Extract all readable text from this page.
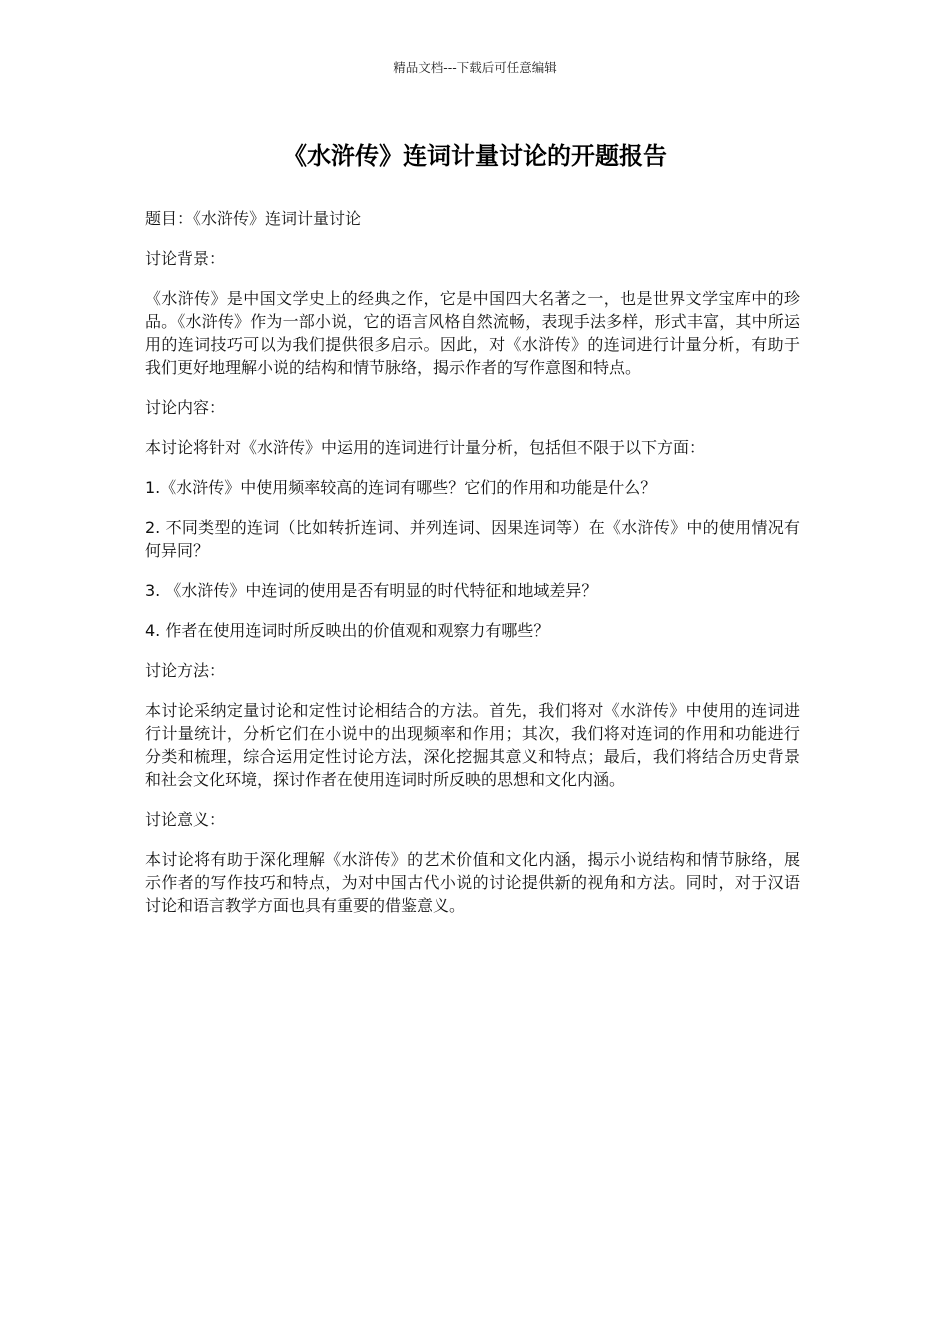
精品文档---下载后可任意编辑
《水浒传》连词计量讨论的开题报告

题目：《水浒传》连词计量讨论

讨论背景：

《水浒传》是中国文学史上的经典之作，它是中国四大名著之一，也是世界文学宝库中的珍品。《水浒传》作为一部小说，它的语言风格自然流畅，表现手法多样，形式丰富，其中所运用的连词技巧可以为我们提供很多启示。因此，对《水浒传》的连词进行计量分析，有助于我们更好地理解小说的结构和情节脉络，揭示作者的写作意图和特点。

讨论内容：

本讨论将针对《水浒传》中运用的连词进行计量分析，包括但不限于以下方面：

1.《水浒传》中使用频率较高的连词有哪些？它们的作用和功能是什么？

2. 不同类型的连词（比如转折连词、并列连词、因果连词等）在《水浒传》中的使用情况有何异同？

3. 《水浒传》中连词的使用是否有明显的时代特征和地域差异？

4. 作者在使用连词时所反映出的价值观和观察力有哪些？

讨论方法：

本讨论采纳定量讨论和定性讨论相结合的方法。首先，我们将对《水浒传》中使用的连词进行计量统计，分析它们在小说中的出现频率和作用；其次，我们将对连词的作用和功能进行分类和梳理，综合运用定性讨论方法，深化挖掘其意义和特点；最后，我们将结合历史背景和社会文化环境，探讨作者在使用连词时所反映的思想和文化内涵。

讨论意义：

本讨论将有助于深化理解《水浒传》的艺术价值和文化内涵，揭示小说结构和情节脉络，展示作者的写作技巧和特点，为对中国古代小说的讨论提供新的视角和方法。同时，对于汉语讨论和语言教学方面也具有重要的借鉴意义。
